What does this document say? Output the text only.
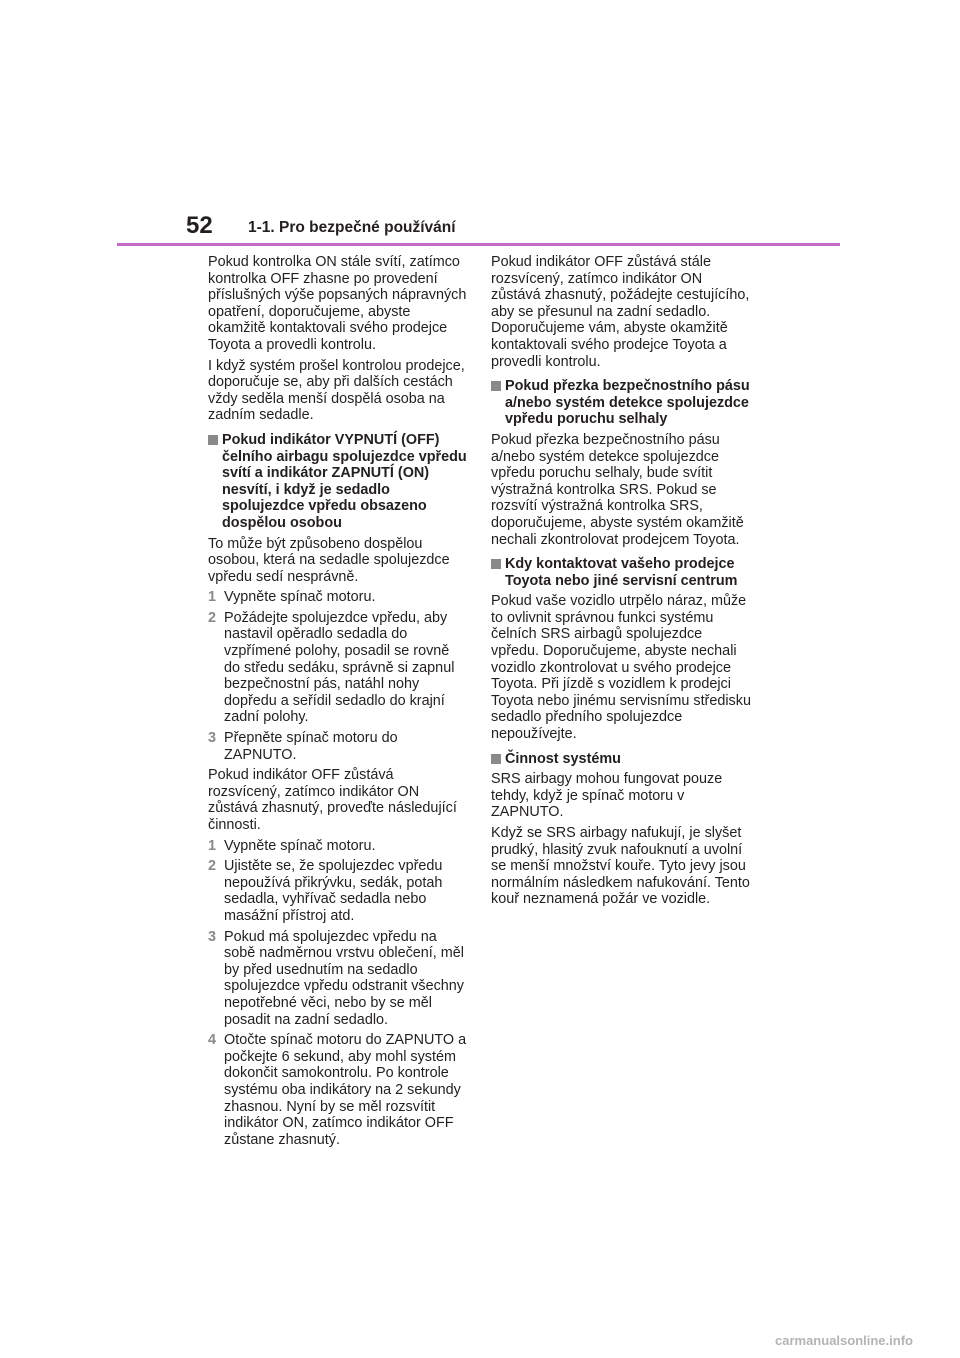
52 1-1. Pro bezpečné používání

Pokud kontrolka ON stále svítí, zatímco kontrolka OFF zhasne po provedení příslušných výše popsaných nápravných opatření, doporučujeme, abyste okamžitě kontaktovali svého prodejce Toyota a provedli kontrolu.

I když systém prošel kontrolou prodejce, doporučuje se, aby při dalších cestách vždy seděla menší dospělá osoba na zadním sedadle.

Pokud indikátor VYPNUTÍ (OFF) čelního airbagu spolujezdce vpředu svítí a indikátor ZAPNUTÍ (ON) nesvítí, i když je sedadlo spolujezdce vpředu obsazeno dospělou osobou

To může být způsobeno dospělou osobou, která na sedadle spolujezdce vpředu sedí nesprávně.

1 Vypněte spínač motoru.
2 Požádejte spolujezdce vpředu, aby nastavil opěradlo sedadla do vzpřímené polohy, posadil se rovně do středu sedáku, správně si zapnul bezpečnostní pás, natáhl nohy dopředu a seřídil sedadlo do krajní zadní polohy.
3 Přepněte spínač motoru do ZAPNUTO.

Pokud indikátor OFF zůstává rozsvícený, zatímco indikátor ON zůstává zhasnutý, proveďte následující činnosti.

1 Vypněte spínač motoru.
2 Ujistěte se, že spolujezdec vpředu nepoužívá přikrývku, sedák, potah sedadla, vyhřívač sedadla nebo masážní přístroj atd.
3 Pokud má spolujezdec vpředu na sobě nadměrnou vrstvu oblečení, měl by před usednutím na sedadlo spolujezdce vpředu odstranit všechny nepotřebné věci, nebo by se měl posadit na zadní sedadlo.
4 Otočte spínač motoru do ZAPNUTO a počkejte 6 sekund, aby mohl systém dokončit samokontrolu. Po kontrole systému oba indikátory na 2 sekundy zhasnou. Nyní by se měl rozsvítit indikátor ON, zatímco indikátor OFF zůstane zhasnutý.

Pokud indikátor OFF zůstává stále rozsvícený, zatímco indikátor ON zůstává zhasnutý, požádejte cestujícího, aby se přesunul na zadní sedadlo. Doporučujeme vám, abyste okamžitě kontaktovali svého prodejce Toyota a provedli kontrolu.

Pokud přezka bezpečnostního pásu a/nebo systém detekce spolujezdce vpředu poruchu selhaly

Pokud přezka bezpečnostního pásu a/nebo systém detekce spolujezdce vpředu poruchu selhaly, bude svítit výstražná kontrolka SRS. Pokud se rozsvítí výstražná kontrolka SRS, doporučujeme, abyste systém okamžitě nechali zkontrolovat prodejcem Toyota.

Kdy kontaktovat vašeho prodejce Toyota nebo jiné servisní centrum

Pokud vaše vozidlo utrpělo náraz, může to ovlivnit správnou funkci systému čelních SRS airbagů spolujezdce vpředu. Doporučujeme, abyste nechali vozidlo zkontrolovat u svého prodejce Toyota. Při jízdě s vozidlem k prodejci Toyota nebo jinému servisnímu středisku sedadlo předního spolujezdce nepoužívejte.

Činnost systému

SRS airbagy mohou fungovat pouze tehdy, když je spínač motoru v ZAPNUTO.

Když se SRS airbagy nafukují, je slyšet prudký, hlasitý zvuk nafouknutí a uvolní se menší množství kouře. Tyto jevy jsou normálním následkem nafukování. Tento kouř neznamená požár ve vozidle.

carmanualsonline.info
